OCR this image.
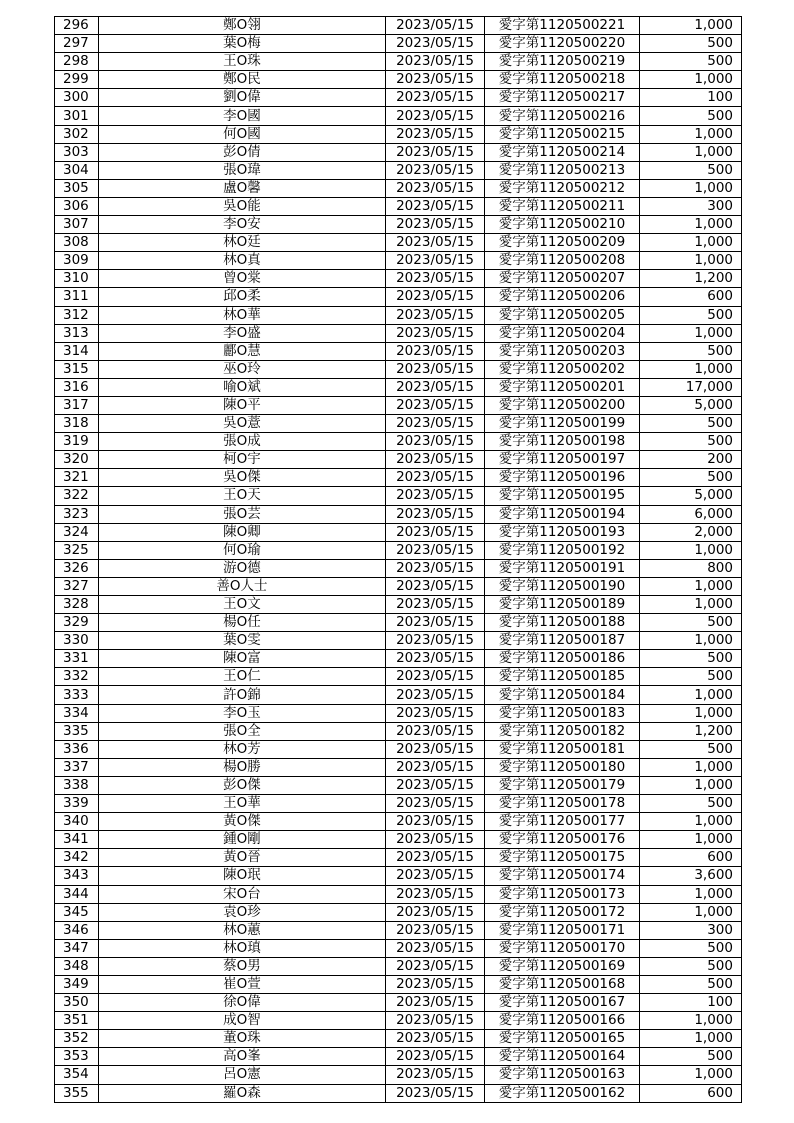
296	鄭O翎	2023/05/15	愛字第1120500221	1,000
297	葉O梅	2023/05/15	愛字第1120500220	500
298	王O珠	2023/05/15	愛字第1120500219	500
299	鄭O民	2023/05/15	愛字第1120500218	1,000
300	劉O偉	2023/05/15	愛字第1120500217	100
301	李O國	2023/05/15	愛字第1120500216	500
302	何O國	2023/05/15	愛字第1120500215	1,000
303	彭O倩	2023/05/15	愛字第1120500214	1,000
304	張O瑋	2023/05/15	愛字第1120500213	500
305	盧O馨	2023/05/15	愛字第1120500212	1,000
306	吳O能	2023/05/15	愛字第1120500211	300
307	李O安	2023/05/15	愛字第1120500210	1,000
308	林O廷	2023/05/15	愛字第1120500209	1,000
309	林O真	2023/05/15	愛字第1120500208	1,000
310	曾O棠	2023/05/15	愛字第1120500207	1,200
311	邱O柔	2023/05/15	愛字第1120500206	600
312	林O華	2023/05/15	愛字第1120500205	500
313	李O盛	2023/05/15	愛字第1120500204	1,000
314	酈O慧	2023/05/15	愛字第1120500203	500
315	巫O玲	2023/05/15	愛字第1120500202	1,000
316	喻O斌	2023/05/15	愛字第1120500201	17,000
317	陳O平	2023/05/15	愛字第1120500200	5,000
318	吳O薏	2023/05/15	愛字第1120500199	500
319	張O成	2023/05/15	愛字第1120500198	500
320	柯O宇	2023/05/15	愛字第1120500197	200
321	吳O傑	2023/05/15	愛字第1120500196	500
322	王O天	2023/05/15	愛字第1120500195	5,000
323	張O芸	2023/05/15	愛字第1120500194	6,000
324	陳O卿	2023/05/15	愛字第1120500193	2,000
325	何O瑜	2023/05/15	愛字第1120500192	1,000
326	游O德	2023/05/15	愛字第1120500191	800
327	善O人士	2023/05/15	愛字第1120500190	1,000
328	王O文	2023/05/15	愛字第1120500189	1,000
329	楊O任	2023/05/15	愛字第1120500188	500
330	葉O雯	2023/05/15	愛字第1120500187	1,000
331	陳O富	2023/05/15	愛字第1120500186	500
332	王O仁	2023/05/15	愛字第1120500185	500
333	許O錦	2023/05/15	愛字第1120500184	1,000
334	李O玉	2023/05/15	愛字第1120500183	1,000
335	張O全	2023/05/15	愛字第1120500182	1,200
336	林O芳	2023/05/15	愛字第1120500181	500
337	楊O勝	2023/05/15	愛字第1120500180	1,000
338	彭O傑	2023/05/15	愛字第1120500179	1,000
339	王O華	2023/05/15	愛字第1120500178	500
340	黃O傑	2023/05/15	愛字第1120500177	1,000
341	鍾O剛	2023/05/15	愛字第1120500176	1,000
342	黃O晉	2023/05/15	愛字第1120500175	600
343	陳O珉	2023/05/15	愛字第1120500174	3,600
344	宋O台	2023/05/15	愛字第1120500173	1,000
345	袁O珍	2023/05/15	愛字第1120500172	1,000
346	林O蕙	2023/05/15	愛字第1120500171	300
347	林O瑱	2023/05/15	愛字第1120500170	500
348	蔡O男	2023/05/15	愛字第1120500169	500
349	崔O萱	2023/05/15	愛字第1120500168	500
350	徐O偉	2023/05/15	愛字第1120500167	100
351	成O智	2023/05/15	愛字第1120500166	1,000
352	董O珠	2023/05/15	愛字第1120500165	1,000
353	高O峯	2023/05/15	愛字第1120500164	500
354	呂O憲	2023/05/15	愛字第1120500163	1,000
355	羅O森	2023/05/15	愛字第1120500162	600
